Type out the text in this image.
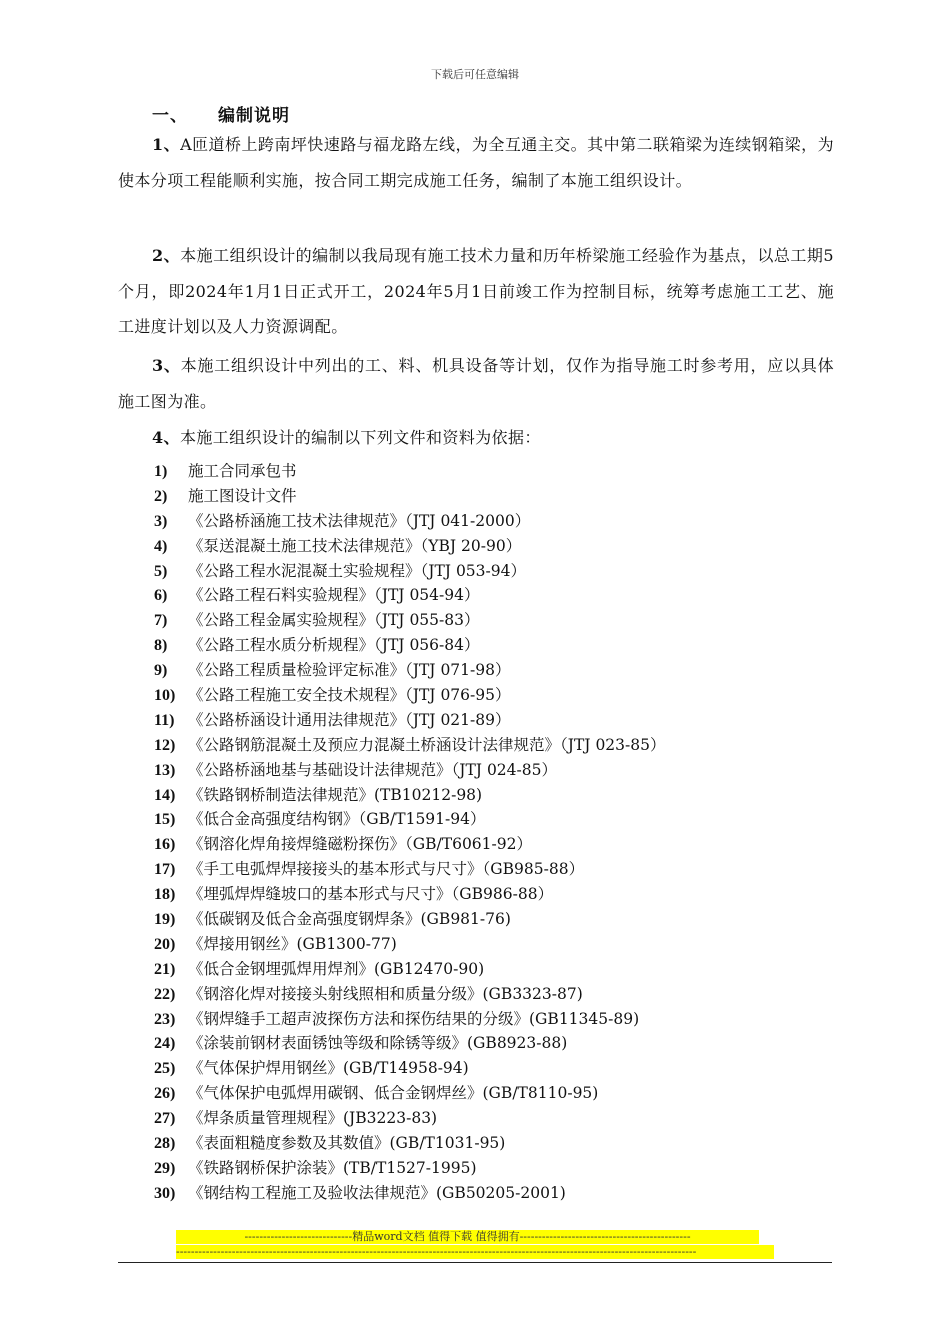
下载后可任意编辑
一、 编制说明
1、A匝道桥上跨南坪快速路与福龙路左线，为全互通主交。其中第二联箱梁为连续钢箱梁，为使本分项工程能顺利实施，按合同工期完成施工任务，编制了本施工组织设计。
2、本施工组织设计的编制以我局现有施工技术力量和历年桥梁施工经验作为基点，以总工期5个月，即2024年1月1日正式开工，2024年5月1日前竣工作为控制目标，统筹考虑施工工艺、施工进度计划以及人力资源调配。
3、本施工组织设计中列出的工、料、机具设备等计划，仅作为指导施工时参考用，应以具体施工图为准。
4、本施工组织设计的编制以下列文件和资料为依据：
1) 施工合同承包书
2) 施工图设计文件
3) 《公路桥涵施工技术法律规范》（JTJ 041-2000）
4) 《泵送混凝土施工技术法律规范》（YBJ 20-90）
5) 《公路工程水泥混凝土实验规程》（JTJ 053-94）
6) 《公路工程石料实验规程》（JTJ 054-94）
7) 《公路工程金属实验规程》（JTJ 055-83）
8) 《公路工程水质分析规程》（JTJ 056-84）
9) 《公路工程质量检验评定标准》（JTJ 071-98）
10) 《公路工程施工安全技术规程》（JTJ 076-95）
11) 《公路桥涵设计通用法律规范》（JTJ 021-89）
12) 《公路钢筋混凝土及预应力混凝土桥涵设计法律规范》（JTJ 023-85）
13) 《公路桥涵地基与基础设计法律规范》（JTJ 024-85）
14) 《铁路钢桥制造法律规范》(TB10212-98)
15) 《低合金高强度结构钢》（GB/T1591-94）
16) 《钢溶化焊角接焊缝磁粉探伤》（GB/T6061-92）
17) 《手工电弧焊焊接接头的基本形式与尺寸》（GB985-88）
18) 《埋弧焊焊缝坡口的基本形式与尺寸》（GB986-88）
19) 《低碳钢及低合金高强度钢焊条》(GB981-76)
20) 《焊接用钢丝》(GB1300-77)
21) 《低合金钢埋弧焊用焊剂》(GB12470-90)
22) 《钢溶化焊对接接头射线照相和质量分级》(GB3323-87)
23) 《钢焊缝手工超声波探伤方法和探伤结果的分级》(GB11345-89)
24) 《涂装前钢材表面锈蚀等级和除锈等级》(GB8923-88)
25) 《气体保护焊用钢丝》(GB/T14958-94)
26) 《气体保护电弧焊用碳钢、低合金钢焊丝》(GB/T8110-95)
27) 《焊条质量管理规程》(JB3223-83)
28) 《表面粗糙度参数及其数值》(GB/T1031-95)
29) 《铁路钢桥保护涂装》(TB/T1527-1995)
30) 《钢结构工程施工及验收法律规范》(GB50205-2001)
-----------------------------精品word文档 值得下载 值得拥有----------------------------------------------
--------------------------------------------------------------------------------------------------------------------------------------------
